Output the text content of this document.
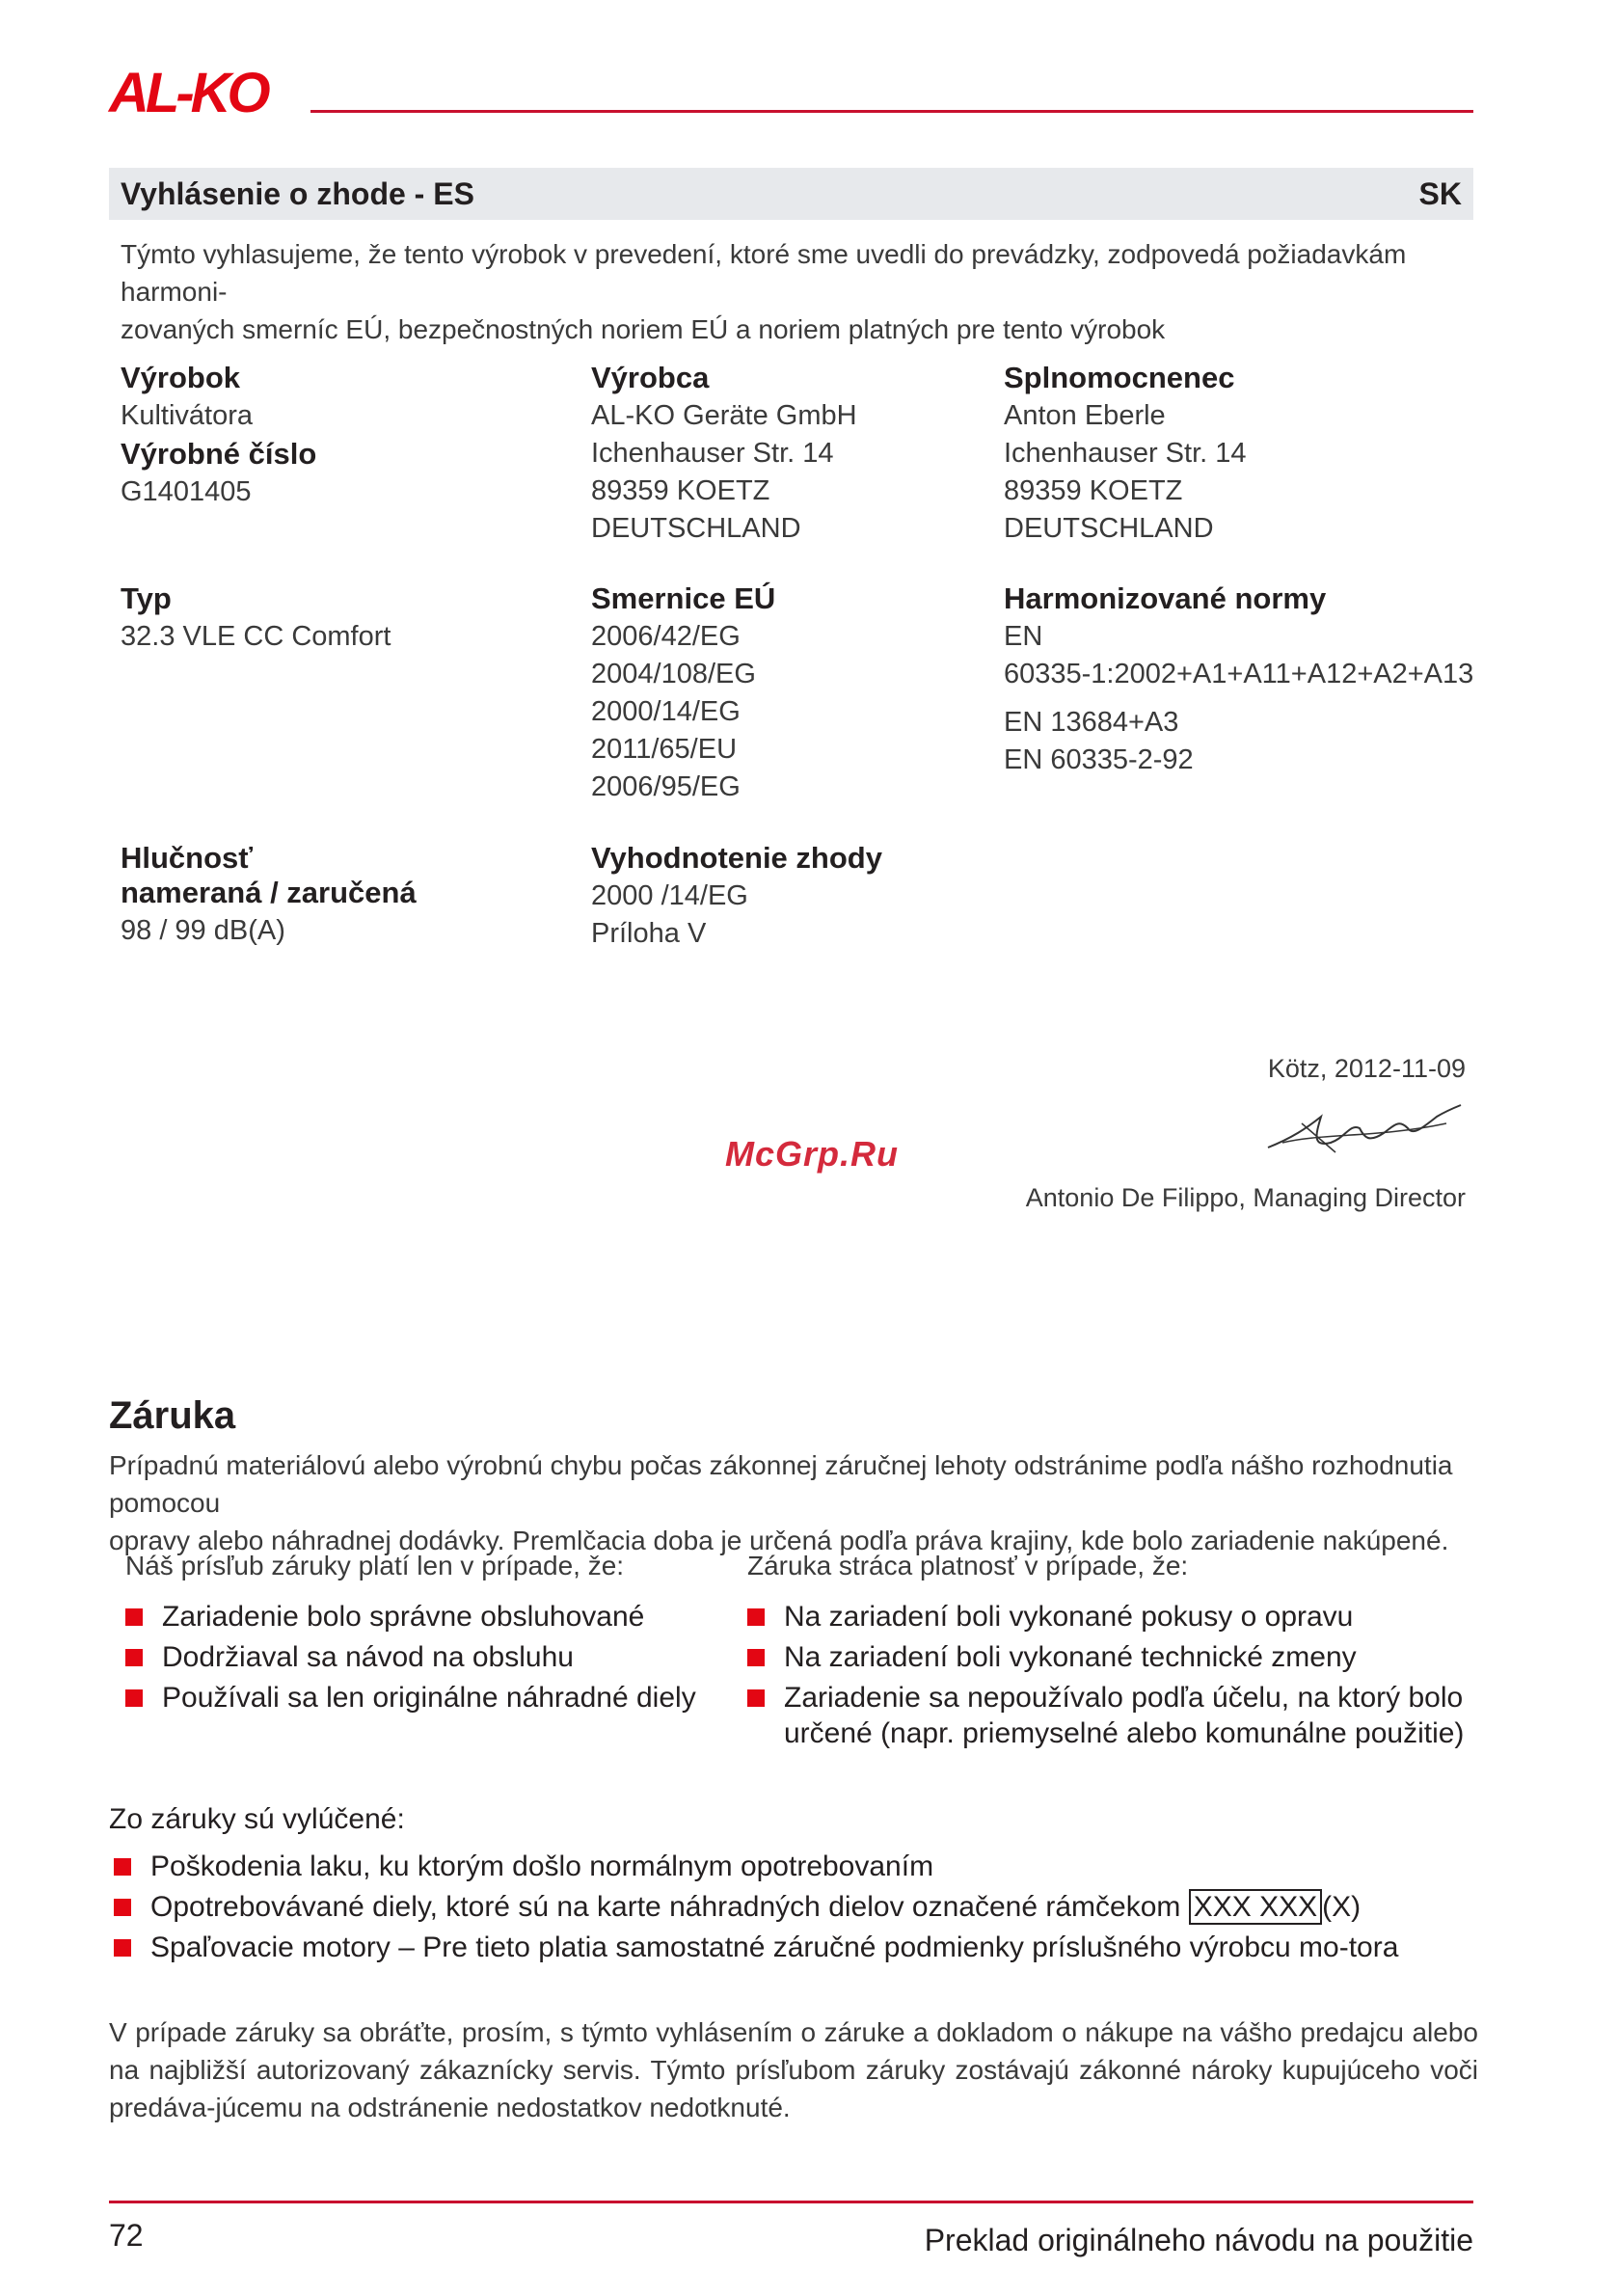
AL-KO
Vyhlásenie o zhode - ES	SK
Týmto vyhlasujeme, že tento výrobok v prevedení, ktoré sme uvedli do prevádzky, zodpovedá požiadavkám harmoni-
zovaných smerníc EÚ, bezpečnostných noriem EÚ a noriem platných pre tento výrobok
Výrobok
Kultivátora
Výrobné číslo
G1401405
Výrobca
AL-KO Geräte GmbH
Ichenhauser Str. 14
89359 KOETZ
DEUTSCHLAND
Splnomocnenec
Anton Eberle
Ichenhauser Str. 14
89359 KOETZ
DEUTSCHLAND
Typ
32.3 VLE CC Comfort
Smernice EÚ
2006/42/EG
2004/108/EG
2000/14/EG
2011/65/EU
2006/95/EG
Harmonizované normy
EN
60335-1:2002+A1+A11+A12+A2+A13
EN 13684+A3
EN 60335-2-92
Hlučnosť
nameraná / zaručená
98 / 99 dB(A)
Vyhodnotenie zhody
2000 /14/EG
Príloha V
Kötz, 2012-11-09
McGrp.Ru
Antonio De Filippo, Managing Director
Záruka
Prípadnú materiálovú alebo výrobnú chybu počas zákonnej záručnej lehoty odstránime podľa nášho rozhodnutia pomocou
opravy alebo náhradnej dodávky. Premlčacia doba je určená podľa práva krajiny, kde bolo zariadenie nakúpené.
Náš prísľub záruky platí len v prípade, že:
Zariadenie bolo správne obsluhované
Dodržiaval sa návod na obsluhu
Používali sa len originálne náhradné diely
Záruka stráca platnosť v prípade, že:
Na zariadení boli vykonané pokusy o opravu
Na zariadení boli vykonané technické zmeny
Zariadenie sa nepoužívalo podľa účelu, na ktorý bolo určené (napr. priemyselné alebo komunálne použitie)
Zo záruky sú vylúčené:
Poškodenia laku, ku ktorým došlo normálnym opotrebovaním
Opotrebovávané diely, ktoré sú na karte náhradných dielov označené rámčekom XXX XXX (X)
Spaľovacie motory – Pre tieto platia samostatné záručné podmienky príslušného výrobcu mo-tora
V prípade záruky sa obráťte, prosím, s týmto vyhlásením o záruke a dokladom o nákupe na vášho predajcu alebo na najbližší autorizovaný zákaznícky servis. Týmto prísľubom záruky zostávajú zákonné nároky kupujúceho voči predáva-júcemu na odstránenie nedostatkov nedotknuté.
72	Preklad originálneho návodu na použitie
